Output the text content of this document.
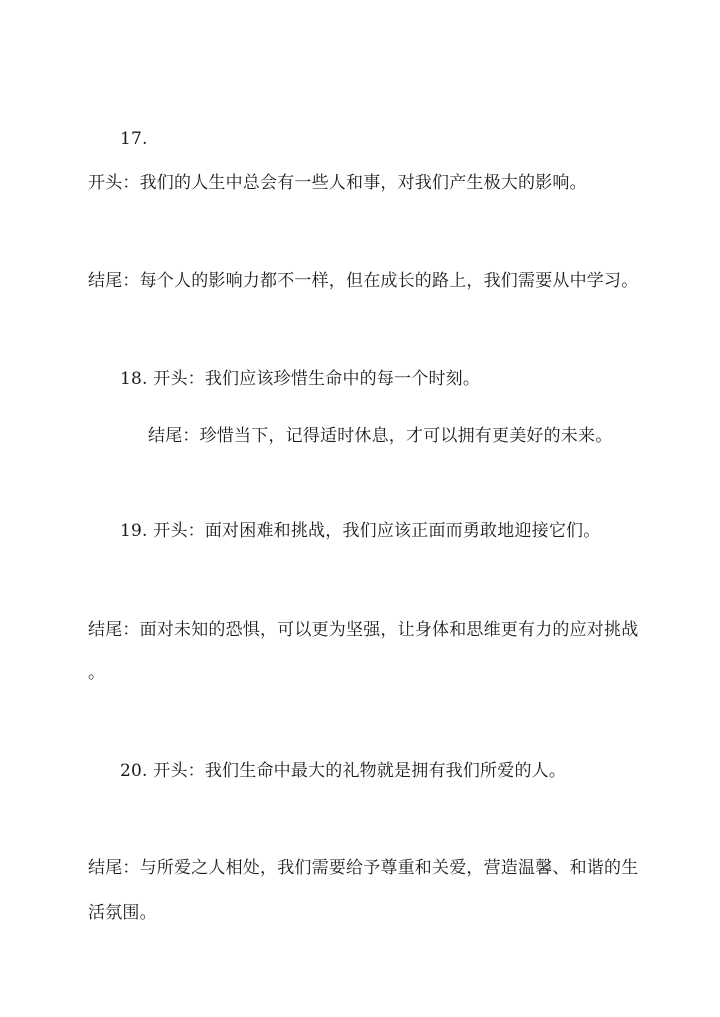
17.
开头：我们的人生中总会有一些人和事，对我们产生极大的影响。
结尾：每个人的影响力都不一样，但在成长的路上，我们需要从中学习。
18. 开头：我们应该珍惜生命中的每一个时刻。
结尾：珍惜当下，记得适时休息，才可以拥有更美好的未来。
19. 开头：面对困难和挑战，我们应该正面而勇敢地迎接它们。
结尾：面对未知的恐惧，可以更为坚强，让身体和思维更有力的应对挑战
。
20. 开头：我们生命中最大的礼物就是拥有我们所爱的人。
结尾：与所爱之人相处，我们需要给予尊重和关爱，营造温馨、和谐的生
活氛围。
